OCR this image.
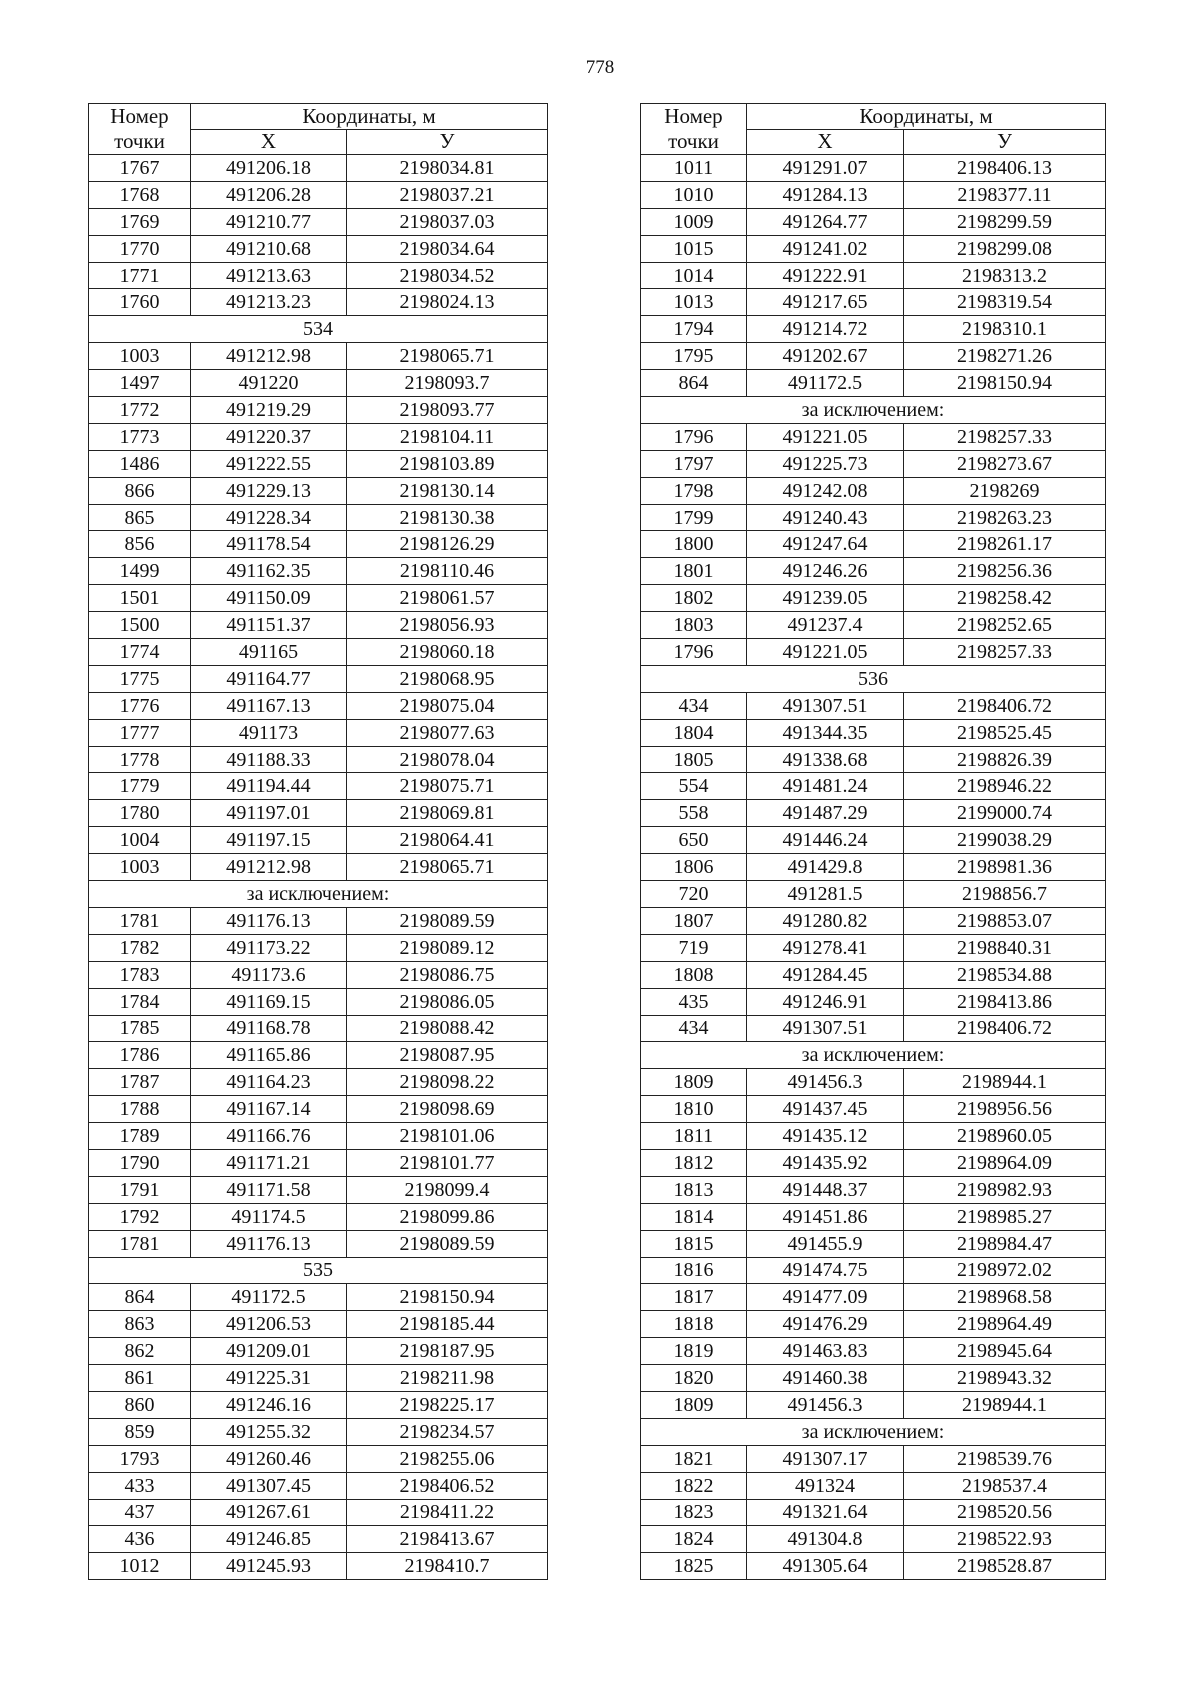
778
Номер	Координаты, м	
точки	X	У
1767	491206.18	2198034.81
1768	491206.28	2198037.21
1769	491210.77	2198037.03
1770	491210.68	2198034.64
1771	491213.63	2198034.52
1760	491213.23	2198024.13
534		
1003	491212.98	2198065.71
1497	491220	2198093.7
1772	491219.29	2198093.77
1773	491220.37	2198104.11
1486	491222.55	2198103.89
866	491229.13	2198130.14
865	491228.34	2198130.38
856	491178.54	2198126.29
1499	491162.35	2198110.46
1501	491150.09	2198061.57
1500	491151.37	2198056.93
1774	491165	2198060.18
1775	491164.77	2198068.95
1776	491167.13	2198075.04
1777	491173	2198077.63
1778	491188.33	2198078.04
1779	491194.44	2198075.71
1780	491197.01	2198069.81
1004	491197.15	2198064.41
1003	491212.98	2198065.71
за исключением:		
1781	491176.13	2198089.59
1782	491173.22	2198089.12
1783	491173.6	2198086.75
1784	491169.15	2198086.05
1785	491168.78	2198088.42
1786	491165.86	2198087.95
1787	491164.23	2198098.22
1788	491167.14	2198098.69
1789	491166.76	2198101.06
1790	491171.21	2198101.77
1791	491171.58	2198099.4
1792	491174.5	2198099.86
1781	491176.13	2198089.59
535		
864	491172.5	2198150.94
863	491206.53	2198185.44
862	491209.01	2198187.95
861	491225.31	2198211.98
860	491246.16	2198225.17
859	491255.32	2198234.57
1793	491260.46	2198255.06
433	491307.45	2198406.52
437	491267.61	2198411.22
436	491246.85	2198413.67
1012	491245.93	2198410.7
Номер	Координаты, м	
точки	X	У
1011	491291.07	2198406.13
1010	491284.13	2198377.11
1009	491264.77	2198299.59
1015	491241.02	2198299.08
1014	491222.91	2198313.2
1013	491217.65	2198319.54
1794	491214.72	2198310.1
1795	491202.67	2198271.26
864	491172.5	2198150.94
за исключением:		
1796	491221.05	2198257.33
1797	491225.73	2198273.67
1798	491242.08	2198269
1799	491240.43	2198263.23
1800	491247.64	2198261.17
1801	491246.26	2198256.36
1802	491239.05	2198258.42
1803	491237.4	2198252.65
1796	491221.05	2198257.33
536		
434	491307.51	2198406.72
1804	491344.35	2198525.45
1805	491338.68	2198826.39
554	491481.24	2198946.22
558	491487.29	2199000.74
650	491446.24	2199038.29
1806	491429.8	2198981.36
720	491281.5	2198856.7
1807	491280.82	2198853.07
719	491278.41	2198840.31
1808	491284.45	2198534.88
435	491246.91	2198413.86
434	491307.51	2198406.72
за исключением:		
1809	491456.3	2198944.1
1810	491437.45	2198956.56
1811	491435.12	2198960.05
1812	491435.92	2198964.09
1813	491448.37	2198982.93
1814	491451.86	2198985.27
1815	491455.9	2198984.47
1816	491474.75	2198972.02
1817	491477.09	2198968.58
1818	491476.29	2198964.49
1819	491463.83	2198945.64
1820	491460.38	2198943.32
1809	491456.3	2198944.1
за исключением:		
1821	491307.17	2198539.76
1822	491324	2198537.4
1823	491321.64	2198520.56
1824	491304.8	2198522.93
1825	491305.64	2198528.87
